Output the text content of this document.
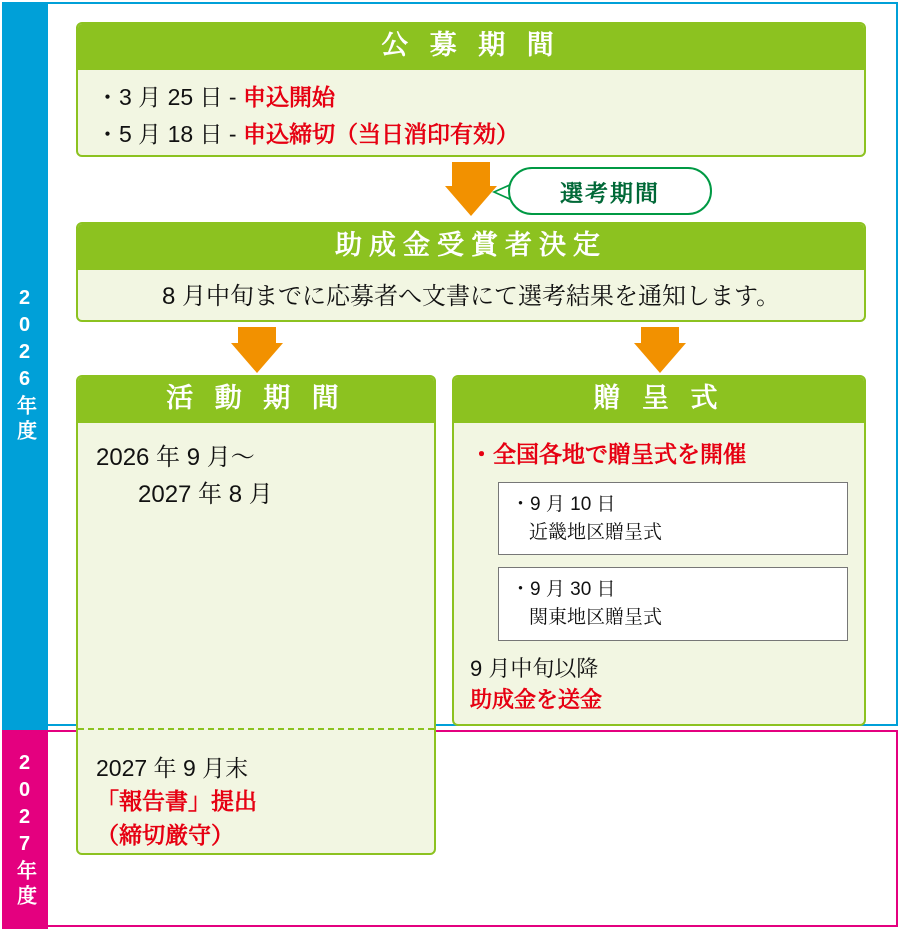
2026年度
2027年度
公 募 期 間
・3 月 25 日 - 申込開始
・5 月 18 日 - 申込締切（当日消印有効）
選考期間
助成金受賞者決定
8 月中旬までに応募者へ文書にて選考結果を通知します。
活 動 期 間
2026 年 9 月〜
2027 年 8 月
2027 年 9 月末
「報告書」提出
（締切厳守）
贈 呈 式
・全国各地で贈呈式を開催
・9 月 10 日
近畿地区贈呈式
・9 月 30 日
関東地区贈呈式
9 月中旬以降
助成金を送金
